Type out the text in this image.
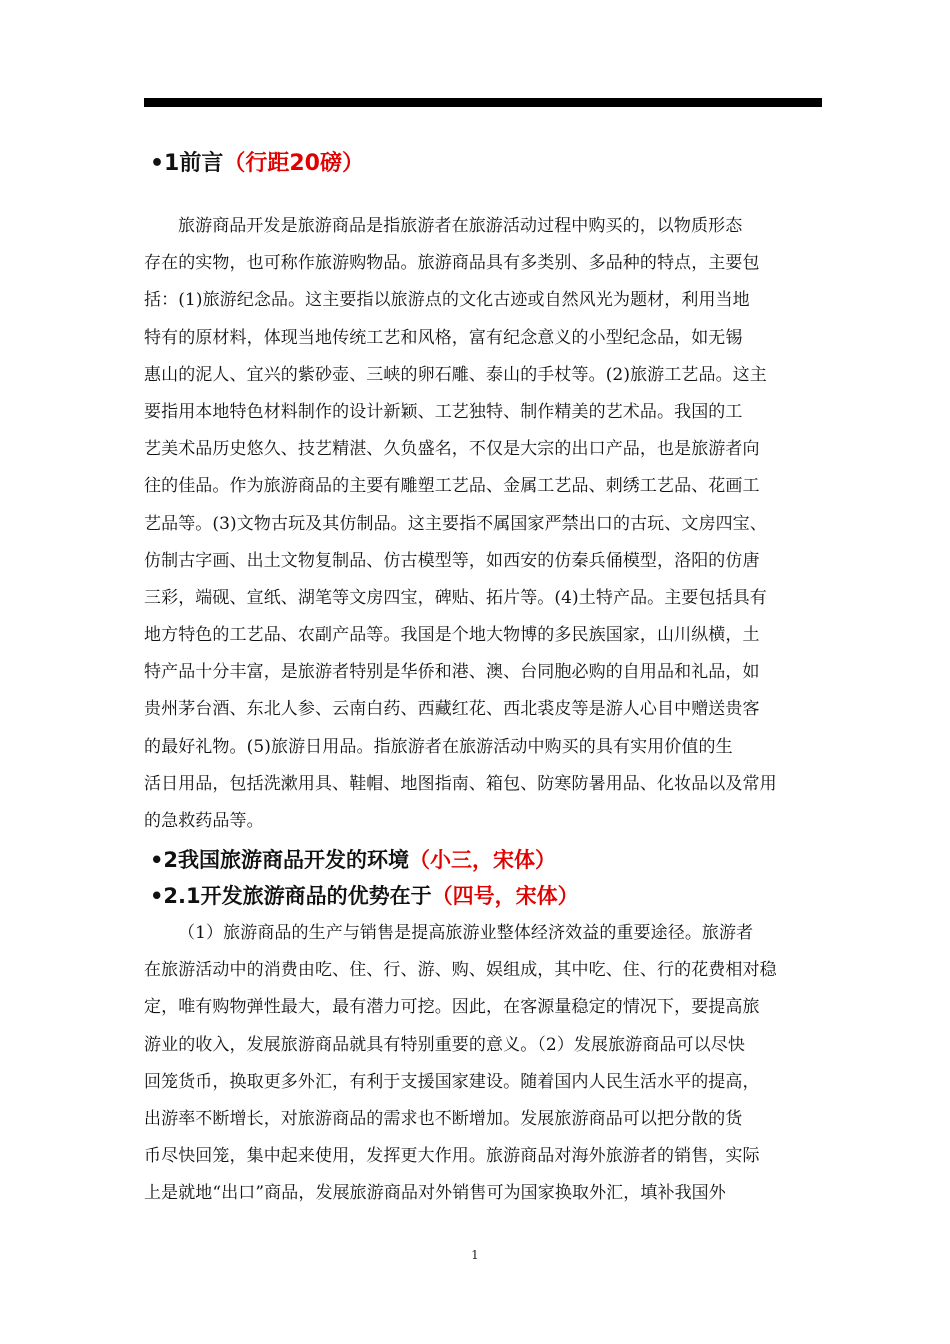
•1前言（行距20磅）
旅游商品开发是旅游商品是指旅游者在旅游活动过程中购买的，以物质形态
存在的实物，也可称作旅游购物品。旅游商品具有多类别、多品种的特点，主要包
括：(1)旅游纪念品。这主要指以旅游点的文化古迹或自然风光为题材，利用当地
特有的原材料，体现当地传统工艺和风格，富有纪念意义的小型纪念品，如无锡
惠山的泥人、宜兴的紫砂壶、三峡的卵石雕、泰山的手杖等。(2)旅游工艺品。这主
要指用本地特色材料制作的设计新颖、工艺独特、制作精美的艺术品。我国的工
艺美术品历史悠久、技艺精湛、久负盛名，不仅是大宗的出口产品，也是旅游者向
往的佳品。作为旅游商品的主要有雕塑工艺品、金属工艺品、刺绣工艺品、花画工
艺品等。(3)文物古玩及其仿制品。这主要指不属国家严禁出口的古玩、文房四宝、
仿制古字画、出土文物复制品、仿古模型等，如西安的仿秦兵俑模型，洛阳的仿唐
三彩，端砚、宣纸、湖笔等文房四宝，碑贴、拓片等。(4)土特产品。主要包括具有
地方特色的工艺品、农副产品等。我国是个地大物博的多民族国家，山川纵横，土
特产品十分丰富，是旅游者特别是华侨和港、澳、台同胞必购的自用品和礼品，如
贵州茅台酒、东北人参、云南白药、西藏红花、西北裘皮等是游人心目中赠送贵客
的最好礼物。(5)旅游日用品。指旅游者在旅游活动中购买的具有实用价值的生
活日用品，包括洗漱用具、鞋帽、地图指南、箱包、防寒防暑用品、化妆品以及常用
的急救药品等。
•2我国旅游商品开发的环境（小三，宋体）
•2.1开发旅游商品的优势在于（四号，宋体）
（1）旅游商品的生产与销售是提高旅游业整体经济效益的重要途径。旅游者
在旅游活动中的消费由吃、住、行、游、购、娱组成，其中吃、住、行的花费相对稳
定，唯有购物弹性最大，最有潜力可挖。因此，在客源量稳定的情况下，要提高旅
游业的收入，发展旅游商品就具有特别重要的意义。（2）发展旅游商品可以尽快
回笼货币，换取更多外汇，有利于支援国家建设。随着国内人民生活水平的提高，
出游率不断增长，对旅游商品的需求也不断增加。发展旅游商品可以把分散的货
币尽快回笼，集中起来使用，发挥更大作用。旅游商品对海外旅游者的销售，实际
上是就地“出口”商品，发展旅游商品对外销售可为国家换取外汇，填补我国外
1
